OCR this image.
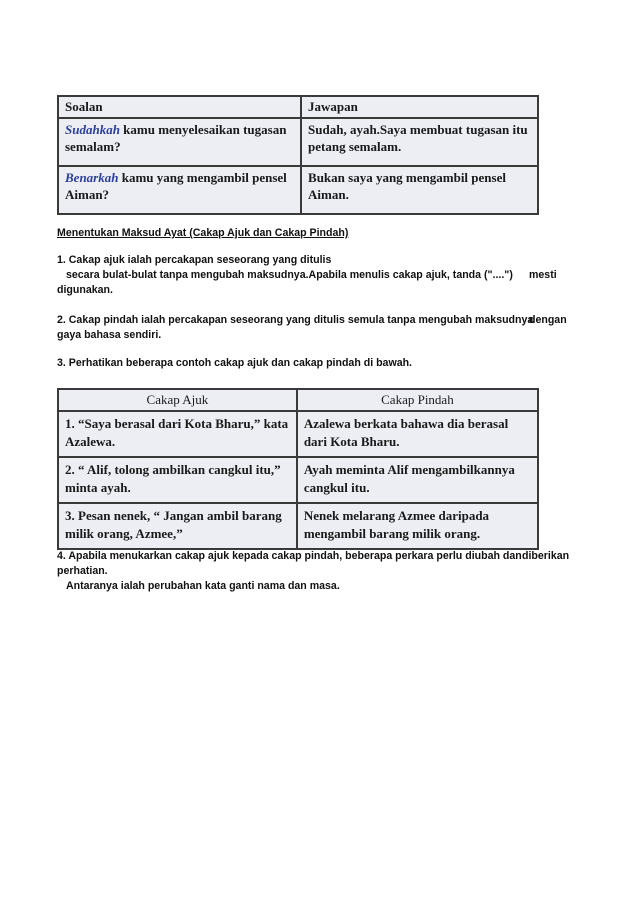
Soalan	Jawapan
Sudahkah kamu menyelesaikan tugasan semalam?	Sudah, ayah.Saya membuat tugasan itu petang semalam.
Benarkah kamu yang mengambil pensel Aiman?	Bukan saya yang mengambil pensel Aiman.
Menentukan Maksud Ayat (Cakap Ajuk dan Cakap Pindah)
1. Cakap ajuk ialah percakapan seseorang yang ditulis
secara bulat-bulat tanpa mengubah maksudnya.Apabila menulis cakap ajuk, tanda ("....") mesti
digunakan.
2. Cakap pindah ialah percakapan seseorang yang ditulis semula tanpa mengubah maksudnya
dengan
gaya bahasa sendiri.
3. Perhatikan beberapa contoh cakap ajuk dan cakap pindah di bawah.
Cakap Ajuk	Cakap Pindah
1. “Saya berasal dari Kota Bharu,” kata Azalewa.	Azalewa berkata bahawa dia berasal dari Kota Bharu.
2. “ Alif, tolong ambilkan cangkul itu,” minta ayah.	Ayah meminta Alif mengambilkannya cangkul itu.
3. Pesan nenek, “ Jangan ambil barang milik orang, Azmee,”	Nenek melarang Azmee daripada mengambil barang milik orang.
4. Apabila menukarkan cakap ajuk kepada cakap pindah, beberapa perkara perlu diubah dan diberikan
perhatian.
Antaranya ialah perubahan kata ganti nama dan masa.
